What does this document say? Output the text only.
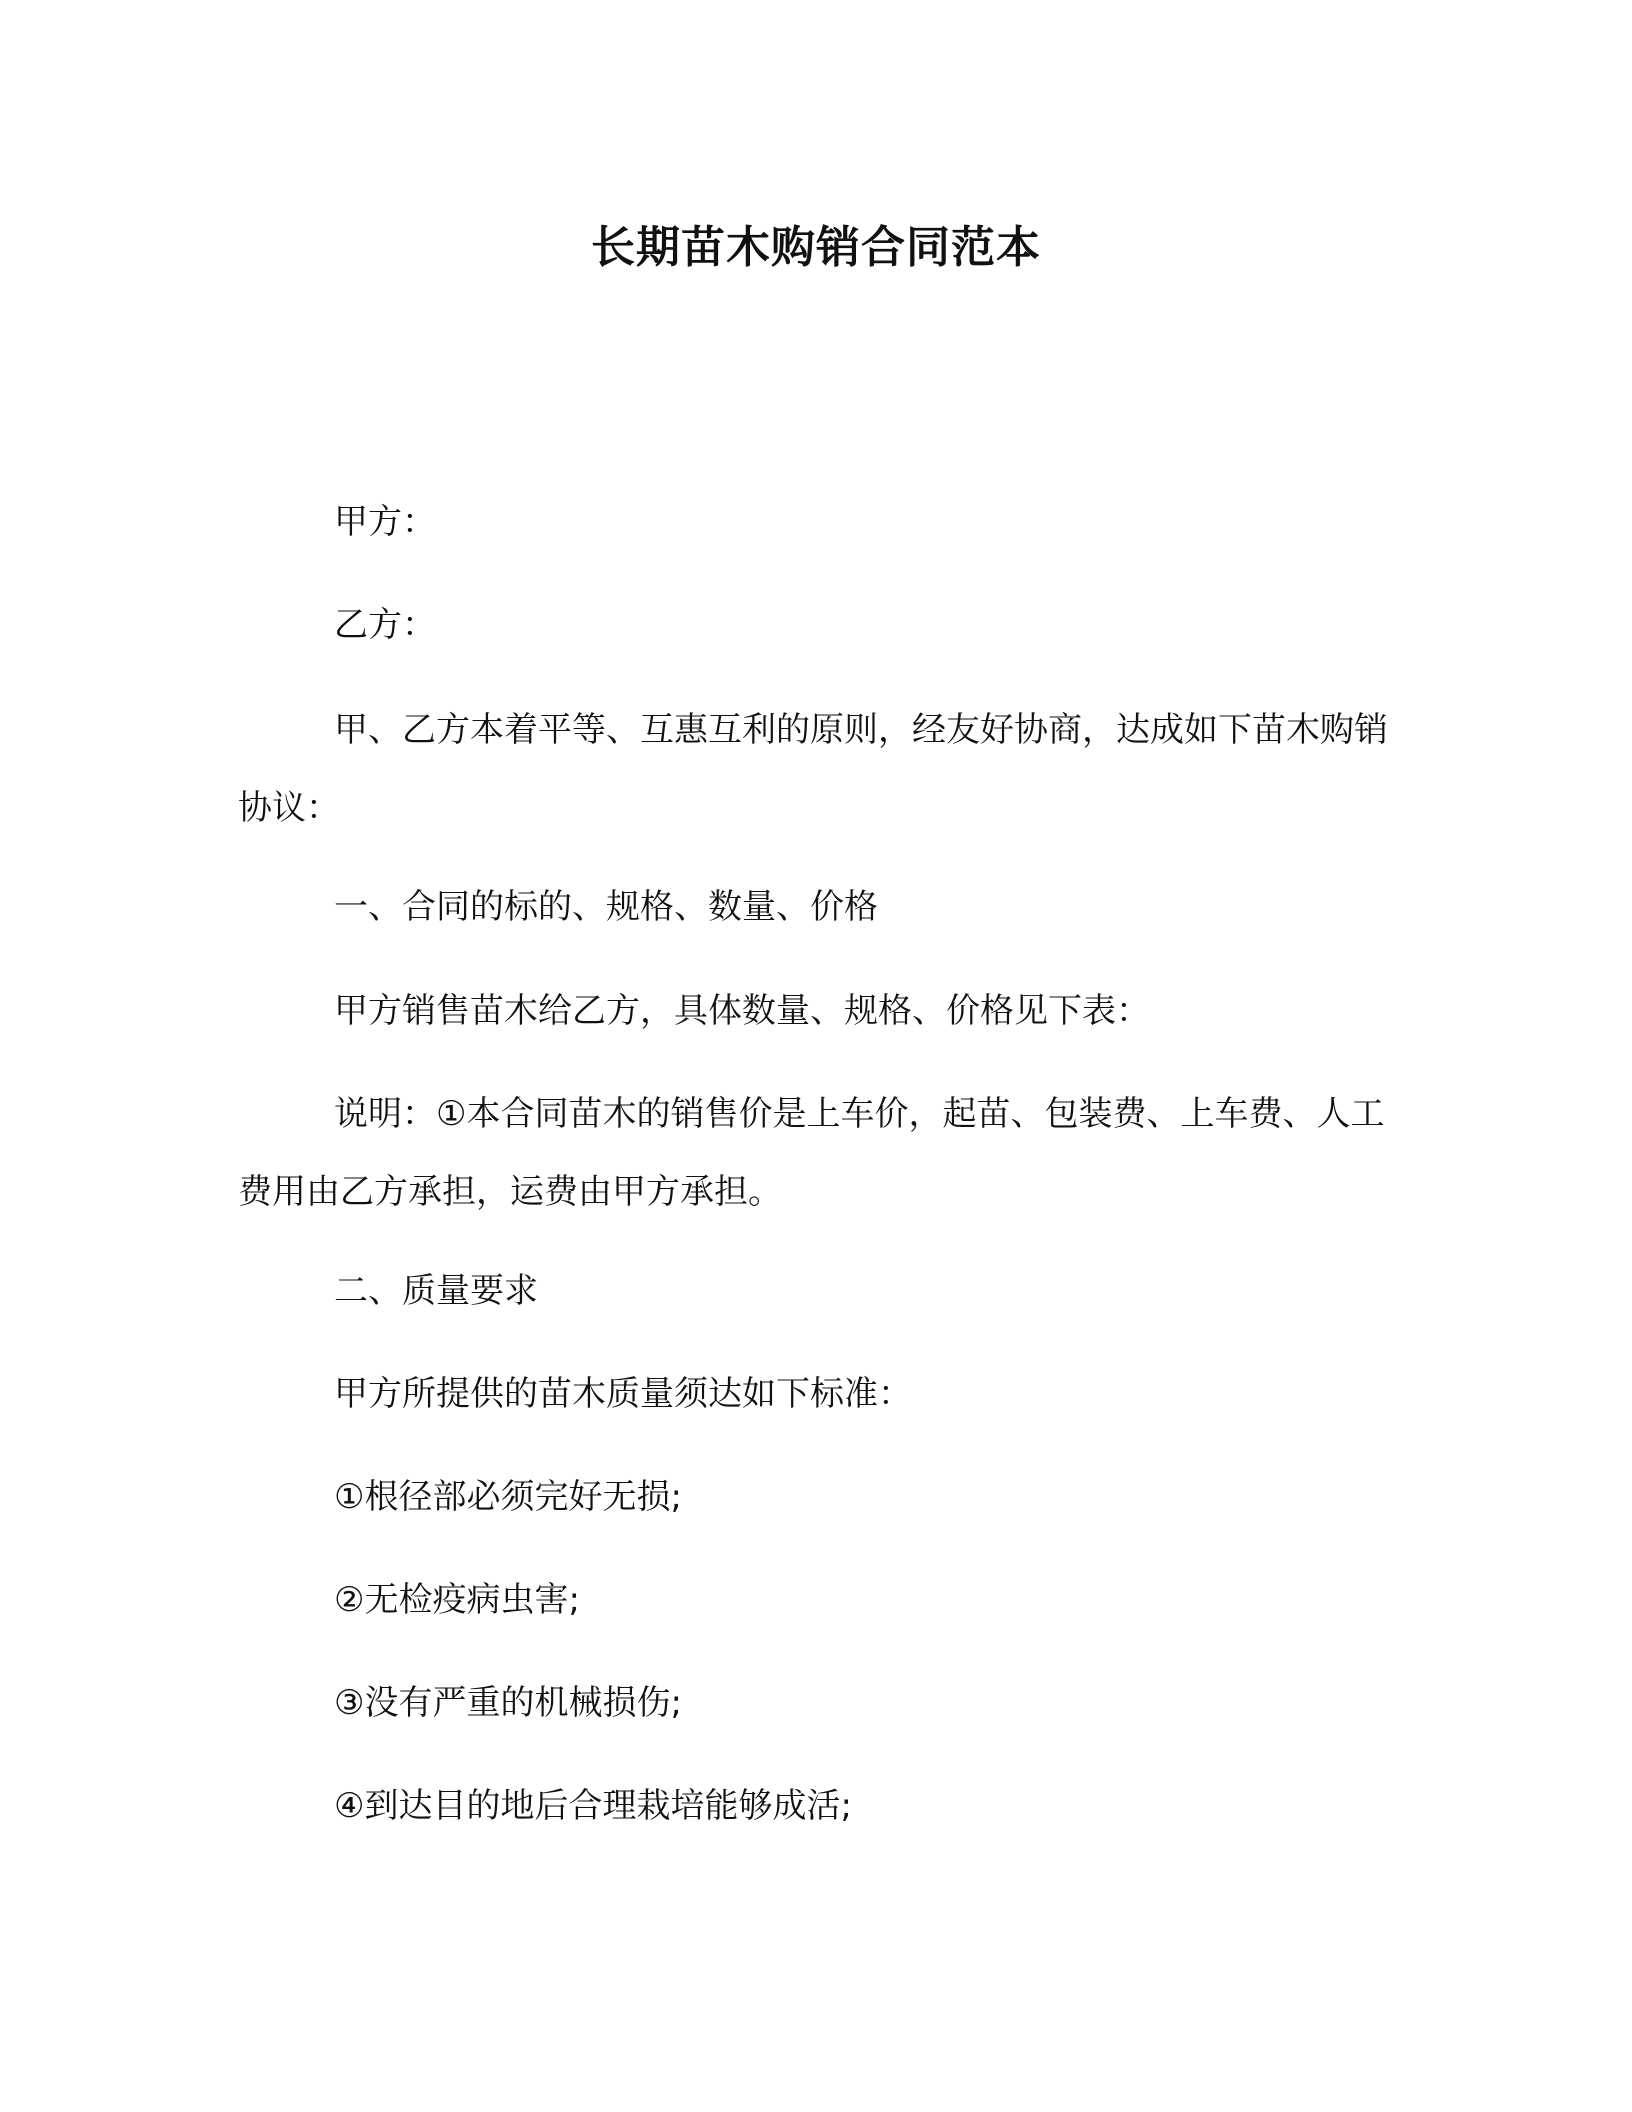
长期苗木购销合同范本
甲方：
乙方：
甲、乙方本着平等、互惠互利的原则，经友好协商，达成如下苗木购销协议：
一、合同的标的、规格、数量、价格
甲方销售苗木给乙方，具体数量、规格、价格见下表：
说明：①本合同苗木的销售价是上车价，起苗、包装费、上车费、人工费用由乙方承担，运费由甲方承担。
二、质量要求
甲方所提供的苗木质量须达如下标准：
①根径部必须完好无损;
②无检疫病虫害;
③没有严重的机械损伤;
④到达目的地后合理栽培能够成活;
